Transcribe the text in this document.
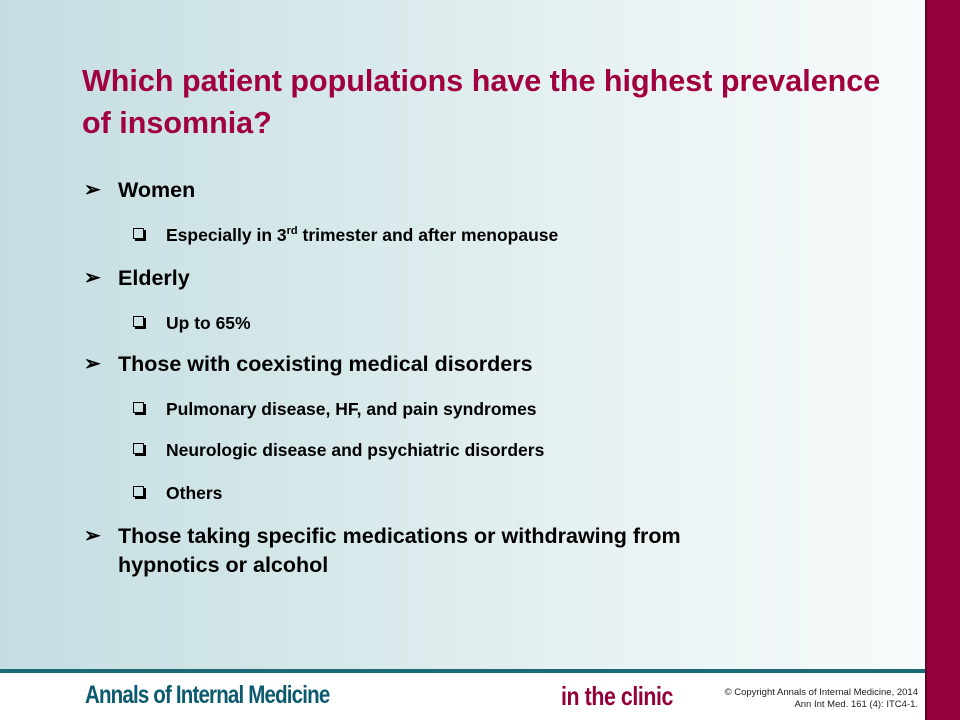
Which patient populations have the highest prevalence of insomnia?
➢ Women
Especially in 3rd trimester and after menopause
➢ Elderly
Up to 65%
➢ Those with coexisting medical disorders
Pulmonary disease, HF, and pain syndromes
Neurologic disease and psychiatric disorders
Others
➢ Those taking specific medications or withdrawing from
hypnotics or alcohol
Annals of Internal Medicine	in the clinic	© Copyright Annals of Internal Medicine, 2014
Ann Int Med. 161 (4): ITC4-1.
